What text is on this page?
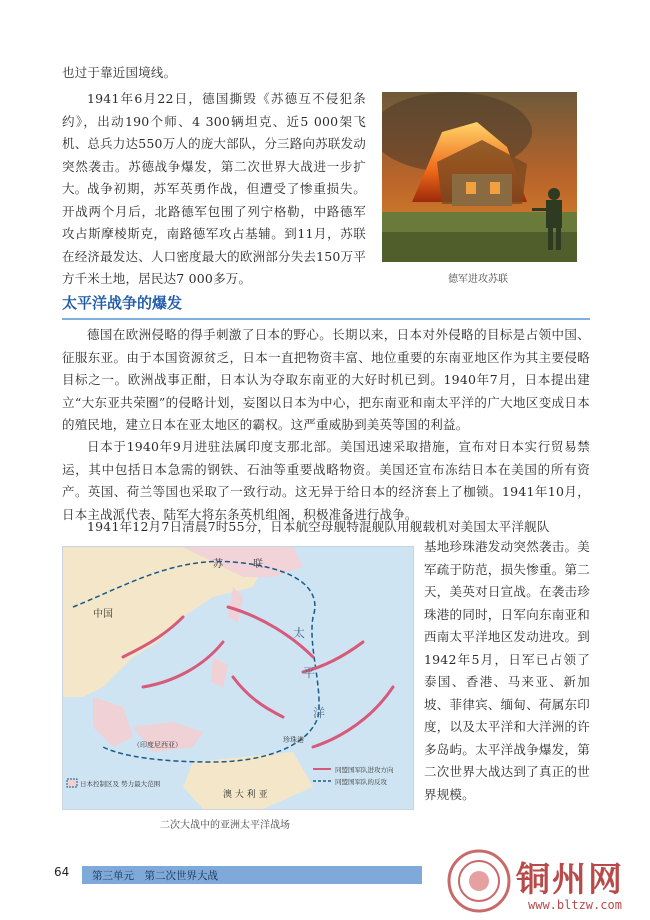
也过于靠近国境线。

1941年6月22日，德国撕毁《苏德互不侵犯条约》，出动190个师、4 300辆坦克、近5 000架飞机、总兵力达550万人的庞大部队，分三路向苏联发动突然袭击。苏德战争爆发，第二次世界大战进一步扩大。 战争初期，苏军英勇作战，但遭受了惨重损失。开战两个月后，北路德军包围了列宁格勒，中路德军攻占斯摩棱斯克，南路德军攻占基辅。到11月，苏联在经济最发达、人口密度最大的欧洲部分失去150万平方千米土地，居民达7 000多万。	德军进攻苏联

太平洋战争的爆发

德国在欧洲侵略的得手刺激了日本的野心。长期以来，日本对外侵略的目标是占领中国、征服东亚。由于本国资源贫乏，日本一直把物资丰富、地位重要的东南亚地区作为其主要侵略目标之一。欧洲战事正酣，日本认为夺取东南亚的大好时机已到。1940年7月，日本提出建立“大东亚共荣圈”的侵略计划，妄图以日本为中心，把东南亚和南太平洋的广大地区变成日本的殖民地，建立日本在亚太地区的霸权。这严重威胁到美英等国的利益。

日本于1940年9月进驻法属印度支那北部。美国迅速采取措施，宣布对日本实行贸易禁运，其中包括日本急需的钢铁、石油等重要战略物资。美国还宣布冻结日本在美国的所有资产。英国、荷兰等国也采取了一致行动。这无异于给日本的经济套上了枷锁。1941年10月，日本主战派代表、陆军大将东条英机组阁，积极准备进行战争。

1941年12月7日清晨7时55分，日本航空母舰特混舰队用舰载机对美国太平洋舰队

苏	联
中国
太
平
洋
澳 大 利 亚
（印度尼西亚）
珍珠港
日本控制区及 势力最大范围
同盟国军队进攻方向
同盟国军队的反攻

二次大战中的亚洲太平洋战场

基地珍珠港发动突然袭击。美军疏于防范，损失惨重。第二天，美英对日宣战。在袭击珍珠港的同时，日军向东南亚和西南太平洋地区发动进攻。到1942年5月，日军已占领了泰国、香港、马来亚、新加坡、菲律宾、缅甸、荷属东印度，以及太平洋和大洋洲的许多岛屿。太平洋战争爆发，第二次世界大战达到了真正的世界规模。

64 第三单元　第二次世界大战	铜州网
www.bltzw.com
